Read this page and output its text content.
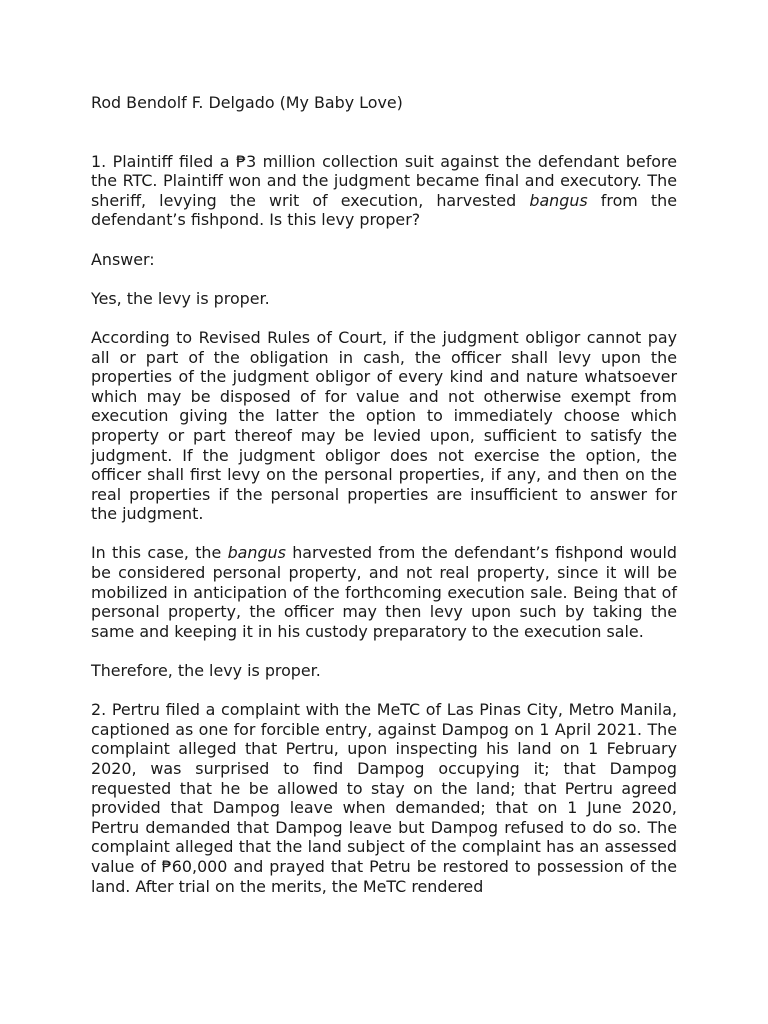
Rod Bendolf F. Delgado (My Baby Love)

1. Plaintiff filed a ₱3 million collection suit against the defendant before the RTC. Plaintiff won and the judgment became final and executory. The sheriff, levying the writ of execution, harvested bangus from the defendant’s fishpond. Is this levy proper?

Answer:

Yes, the levy is proper.

According to Revised Rules of Court, if the judgment obligor cannot pay all or part of the obligation in cash, the officer shall levy upon the properties of the judgment obligor of every kind and nature whatsoever which may be disposed of for value and not otherwise exempt from execution giving the latter the option to immediately choose which property or part thereof may be levied upon, sufficient to satisfy the judgment. If the judgment obligor does not exercise the option, the officer shall first levy on the personal properties, if any, and then on the real properties if the personal properties are insufficient to answer for the judgment.

In this case, the bangus harvested from the defendant’s fishpond would be considered personal property, and not real property, since it will be mobilized in anticipation of the forthcoming execution sale. Being that of personal property, the officer may then levy upon such by taking the same and keeping it in his custody preparatory to the execution sale.

Therefore, the levy is proper.

2. Pertru filed a complaint with the MeTC of Las Pinas City, Metro Manila, captioned as one for forcible entry, against Dampog on 1 April 2021. The complaint alleged that Pertru, upon inspecting his land on 1 February 2020, was surprised to find Dampog occupying it; that Dampog requested that he be allowed to stay on the land; that Pertru agreed provided that Dampog leave when demanded; that on 1 June 2020, Pertru demanded that Dampog leave but Dampog refused to do so. The complaint alleged that the land subject of the complaint has an assessed value of ₱60,000 and prayed that Petru be restored to possession of the land. After trial on the merits, the MeTC rendered
